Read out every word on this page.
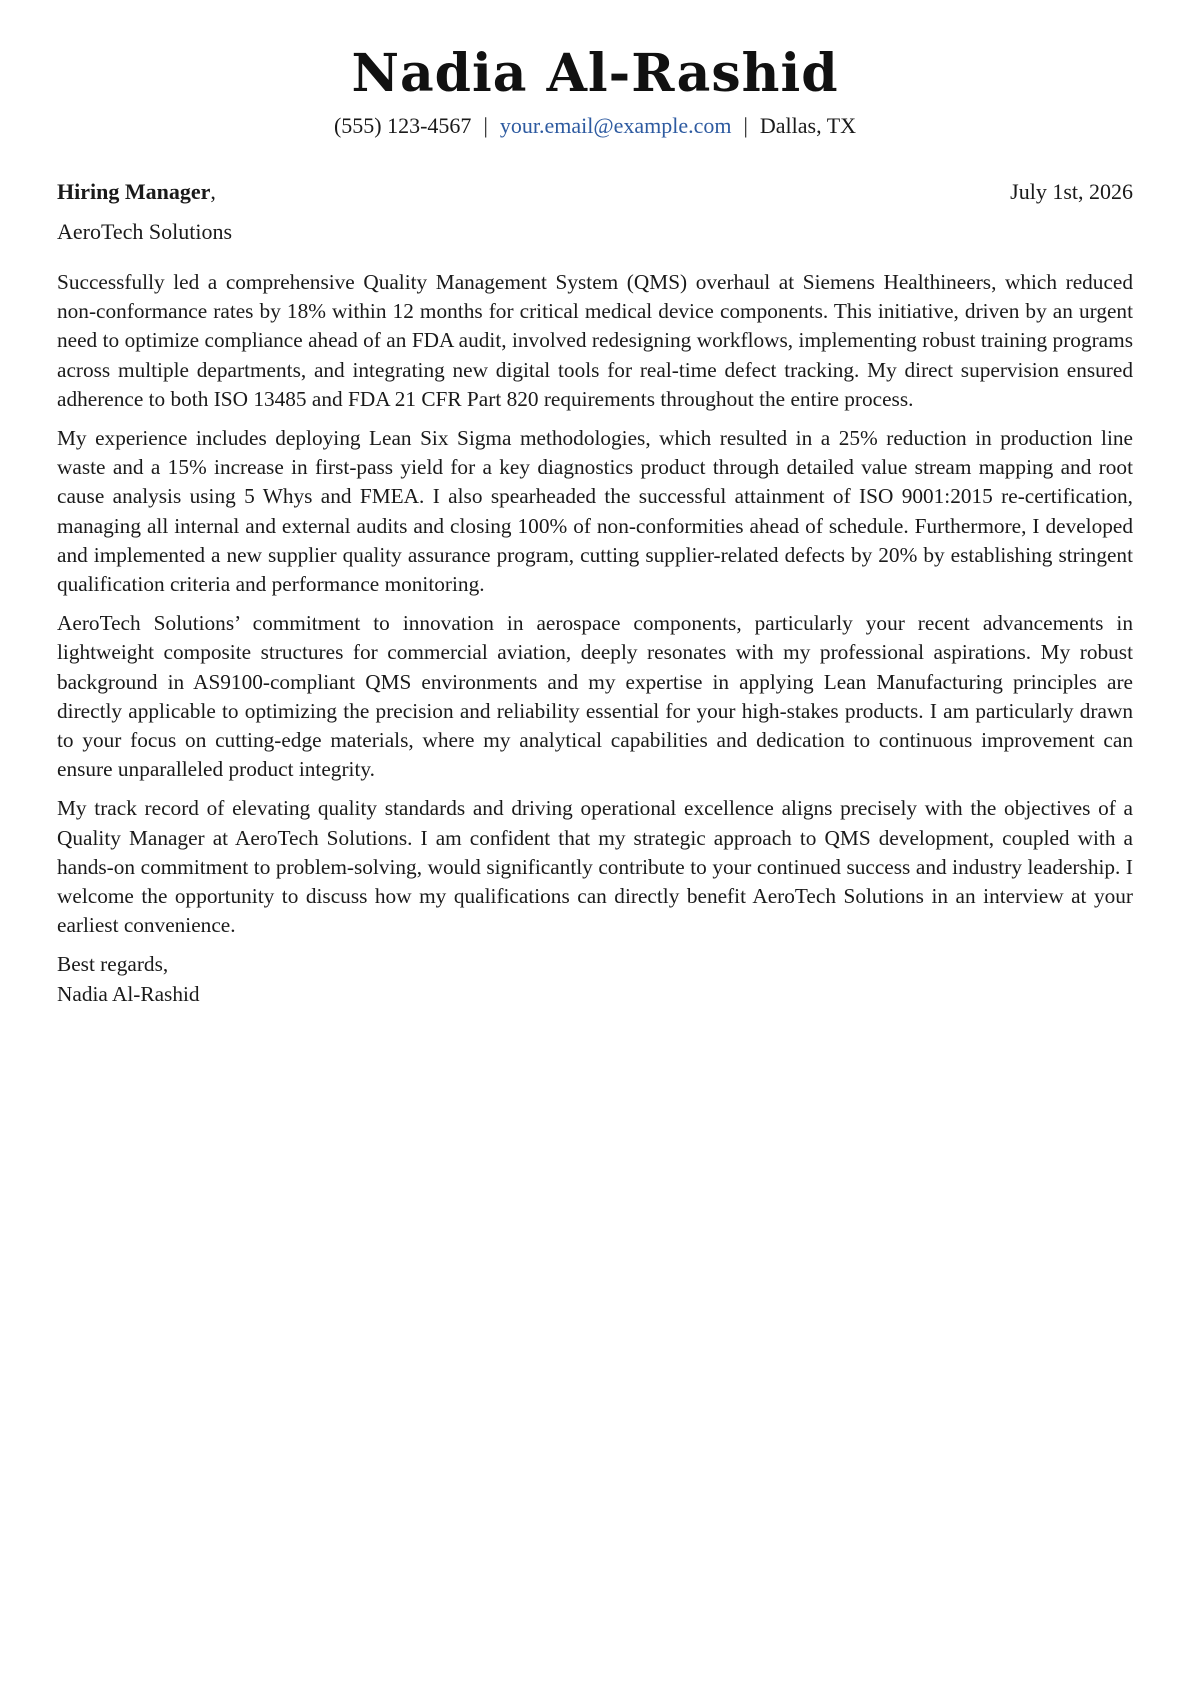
Nadia Al-Rashid
(555) 123-4567 | your.email@example.com | Dallas, TX
Hiring Manager,	July 1st, 2026
AeroTech Solutions

Successfully led a comprehensive Quality Management System (QMS) overhaul at Siemens Healthineers, which reduced non-conformance rates by 18% within 12 months for critical medical device components. This initiative, driven by an urgent need to optimize compliance ahead of an FDA audit, involved redesigning workflows, implementing robust training programs across multiple departments, and integrating new digital tools for real-time defect tracking. My direct supervision ensured adherence to both ISO 13485 and FDA 21 CFR Part 820 requirements throughout the entire process.

My experience includes deploying Lean Six Sigma methodologies, which resulted in a 25% reduction in production line waste and a 15% increase in first-pass yield for a key diagnostics product through detailed value stream mapping and root cause analysis using 5 Whys and FMEA. I also spearheaded the successful attainment of ISO 9001:2015 re-certification, managing all internal and external audits and closing 100% of non-conformities ahead of schedule. Furthermore, I developed and implemented a new supplier quality assurance program, cutting supplier-related defects by 20% by establishing stringent qualification criteria and performance monitoring.

AeroTech Solutions’ commitment to innovation in aerospace components, particularly your recent advancements in lightweight composite structures for commercial aviation, deeply resonates with my professional aspirations. My robust background in AS9100-compliant QMS environments and my expertise in applying Lean Manufacturing principles are directly applicable to optimizing the precision and reliability essential for your high-stakes products. I am particularly drawn to your focus on cutting-edge materials, where my analytical capabilities and dedication to continuous improvement can ensure unparalleled product integrity.

My track record of elevating quality standards and driving operational excellence aligns precisely with the objectives of a Quality Manager at AeroTech Solutions. I am confident that my strategic approach to QMS development, coupled with a hands-on commitment to problem-solving, would significantly contribute to your continued success and industry leadership. I welcome the opportunity to discuss how my qualifications can directly benefit AeroTech Solutions in an interview at your earliest convenience.

Best regards,
Nadia Al-Rashid
